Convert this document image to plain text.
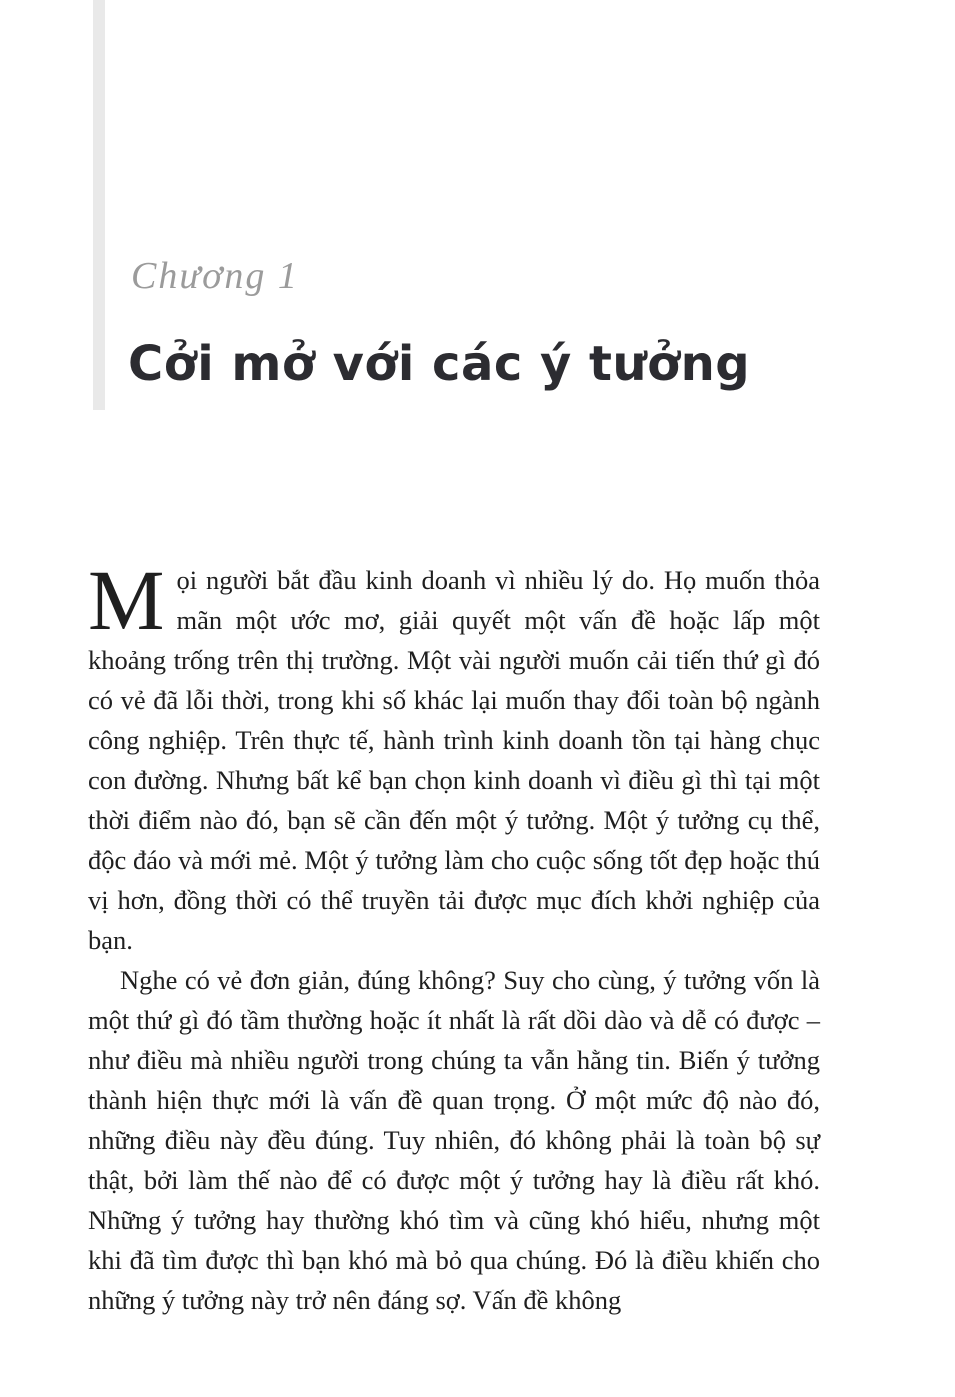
Chương 1
Cởi mở với các ý tưởng

Mọi người bắt đầu kinh doanh vì nhiều lý do. Họ muốn thỏa mãn một ước mơ, giải quyết một vấn đề hoặc lấp một khoảng trống trên thị trường. Một vài người muốn cải tiến thứ gì đó có vẻ đã lỗi thời, trong khi số khác lại muốn thay đổi toàn bộ ngành công nghiệp. Trên thực tế, hành trình kinh doanh tồn tại hàng chục con đường. Nhưng bất kể bạn chọn kinh doanh vì điều gì thì tại một thời điểm nào đó, bạn sẽ cần đến một ý tưởng. Một ý tưởng cụ thể, độc đáo và mới mẻ. Một ý tưởng làm cho cuộc sống tốt đẹp hoặc thú vị hơn, đồng thời có thể truyền tải được mục đích khởi nghiệp của bạn.

Nghe có vẻ đơn giản, đúng không? Suy cho cùng, ý tưởng vốn là một thứ gì đó tầm thường hoặc ít nhất là rất dồi dào và dễ có được – như điều mà nhiều người trong chúng ta vẫn hằng tin. Biến ý tưởng thành hiện thực mới là vấn đề quan trọng. Ở một mức độ nào đó, những điều này đều đúng. Tuy nhiên, đó không phải là toàn bộ sự thật, bởi làm thế nào để có được một ý tưởng hay là điều rất khó. Những ý tưởng hay thường khó tìm và cũng khó hiểu, nhưng một khi đã tìm được thì bạn khó mà bỏ qua chúng. Đó là điều khiến cho những ý tưởng này trở nên đáng sợ. Vấn đề không
